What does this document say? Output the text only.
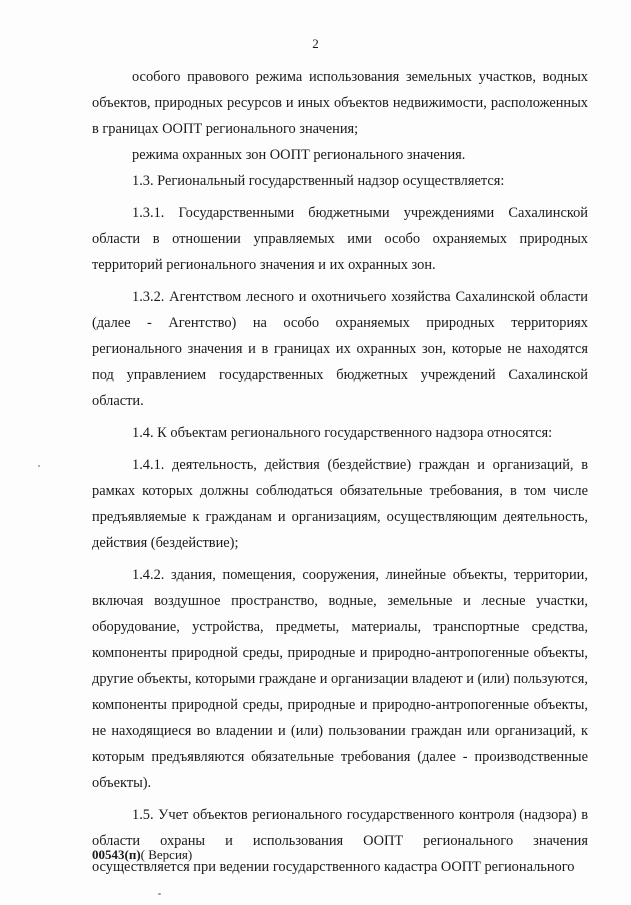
2

особого правового режима использования земельных участков, водных объектов, природных ресурсов и иных объектов недвижимости, расположенных в границах ООПТ регионального значения;

режима охранных зон ООПТ регионального значения.

1.3. Региональный государственный надзор осуществляется:

1.3.1. Государственными бюджетными учреждениями Сахалинской области в отношении управляемых ими особо охраняемых природных территорий регионального значения и их охранных зон.

1.3.2. Агентством лесного и охотничьего хозяйства Сахалинской области (далее - Агентство) на особо охраняемых природных территориях регионального значения и в границах их охранных зон, которые не находятся под управлением государственных бюджетных учреждений Сахалинской области.

1.4. К объектам регионального государственного надзора относятся:

1.4.1. деятельность, действия (бездействие) граждан и организаций, в рамках которых должны соблюдаться обязательные требования, в том числе предъявляемые к гражданам и организациям, осуществляющим деятельность, действия (бездействие);

1.4.2. здания, помещения, сооружения, линейные объекты, территории, включая воздушное пространство, водные, земельные и лесные участки, оборудование, устройства, предметы, материалы, транспортные средства, компоненты природной среды, природные и природно-антропогенные объекты, другие объекты, которыми граждане и организации владеют и (или) пользуются, компоненты природной среды, природные и природно-антропогенные объекты, не находящиеся во владении и (или) пользовании граждан или организаций, к которым предъявляются обязательные требования (далее - производственные объекты).

1.5. Учет объектов регионального государственного контроля (надзора) в области охраны и использования ООПТ регионального значения осуществляется при ведении государственного кадастра ООПТ регионального

00543(п)( Версия)
